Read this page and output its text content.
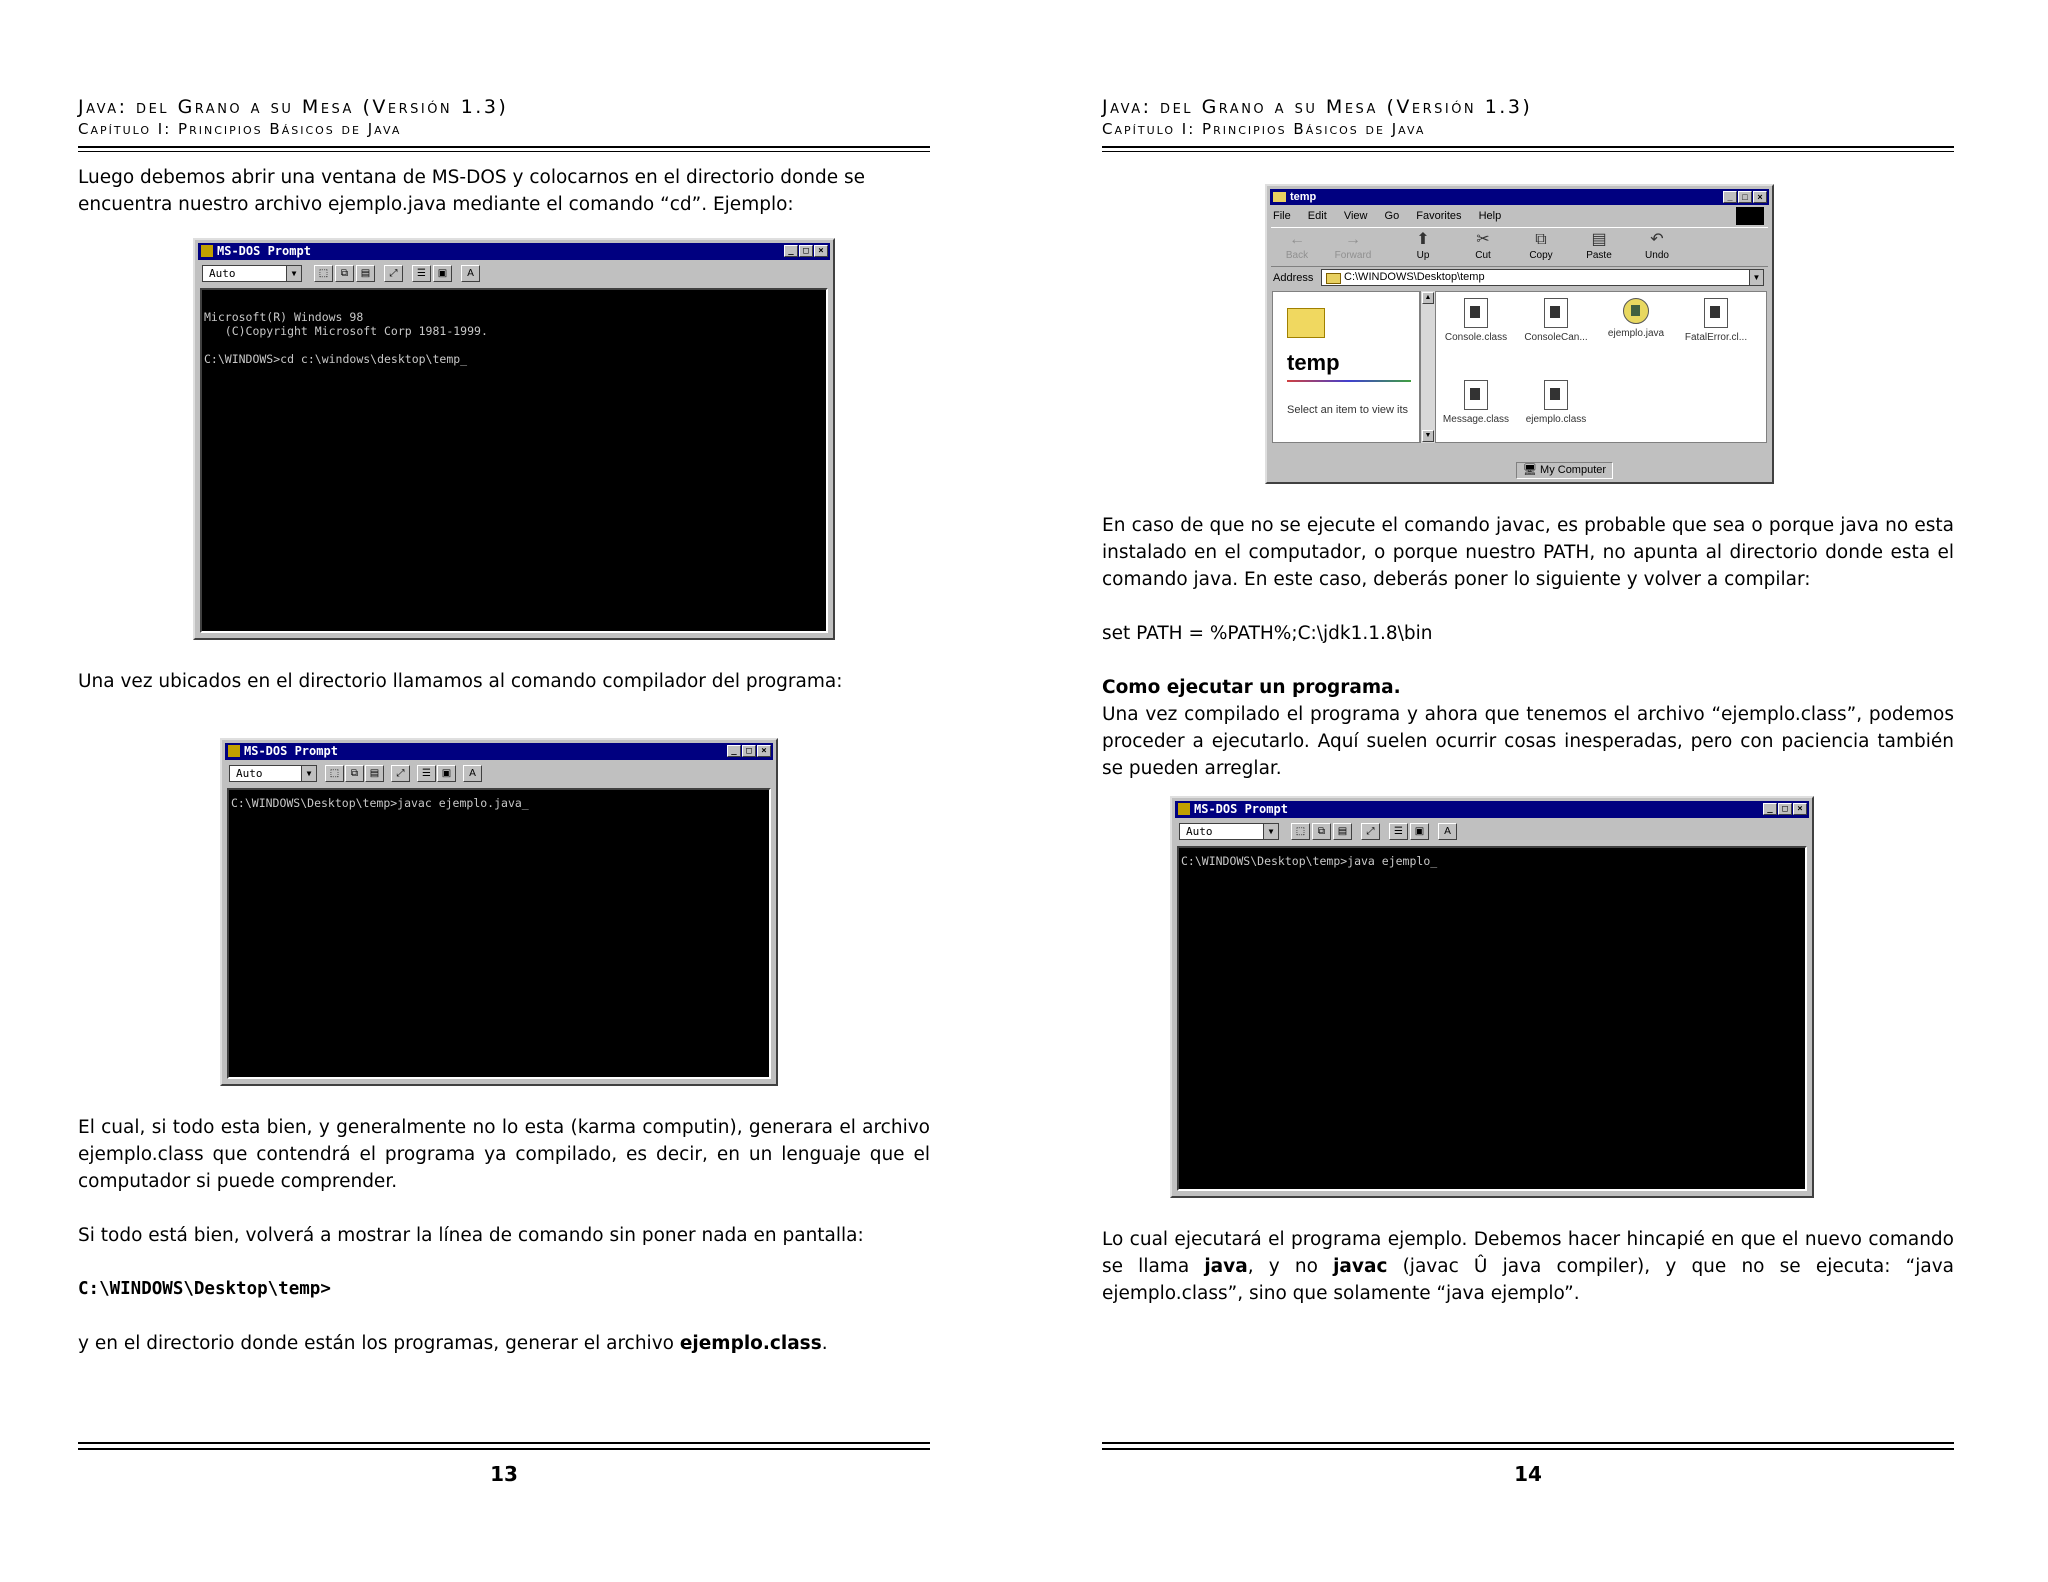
Java: del Grano a su Mesa (Versión 1.3)
Capítulo I: Principios Básicos de Java
Luego debemos abrir una ventana de MS-DOS y colocarnos en el directorio donde se encuentra nuestro archivo ejemplo.java mediante el comando “cd”. Ejemplo:
MS-DOS Prompt	_ □ ×
Auto	▼	⬚	⧉	▤	⤢	☰	▣	A
Microsoft(R) Windows 98
(C)Copyright Microsoft Corp 1981-1999.

C:\WINDOWS>cd c:\windows\desktop\temp_
Una vez ubicados en el directorio llamamos al comando compilador del programa:
MS-DOS Prompt	_ □ ×
Auto	▼	⬚	⧉	▤	⤢	☰	▣	A
C:\WINDOWS\Desktop\temp>javac ejemplo.java_
El cual, si todo esta bien, y generalmente no lo esta (karma computin), generara el archivo ejemplo.class que contendrá el programa ya compilado, es decir, en un lenguaje que el computador si puede comprender.
Si todo está bien, volverá a mostrar la línea de comando sin poner nada en pantalla:
C:\WINDOWS\Desktop\temp>
y en el directorio donde están los programas, generar el archivo ejemplo.class.
13
Java: del Grano a su Mesa (Versión 1.3)
Capítulo I: Principios Básicos de Java
temp	_ □ ×
File Edit View Go Favorites Help
←
Back
→
Forward
⬆
Up
✂
Cut
⧉
Copy
▤
Paste
↶
Undo
Address	C:\WINDOWS\Desktop\temp	▼
temp
Select an item to view its
▲
▼
Console.class	ConsoleCan...	ejemplo.java	FatalError.cl...
Message.class	ejemplo.class
🖥 My Computer
En caso de que no se ejecute el comando javac, es probable que sea o porque java no esta instalado en el computador, o porque nuestro PATH, no apunta al directorio donde esta el comando java. En este caso, deberás poner lo siguiente y volver a compilar:
set PATH = %PATH%;C:\jdk1.1.8\bin
Como ejecutar un programa.
Una vez compilado el programa y ahora que tenemos el archivo “ejemplo.class”, podemos proceder a ejecutarlo. Aquí suelen ocurrir cosas inesperadas, pero con paciencia también se pueden arreglar.
MS-DOS Prompt	_ □ ×
Auto	▼	⬚	⧉	▤	⤢	☰	▣	A
C:\WINDOWS\Desktop\temp>java ejemplo_
Lo cual ejecutará el programa ejemplo. Debemos hacer hincapié en que el nuevo comando se llama java, y no javac (javac Û java compiler), y que no se ejecuta: “java ejemplo.class”, sino que solamente “java ejemplo”.
14
